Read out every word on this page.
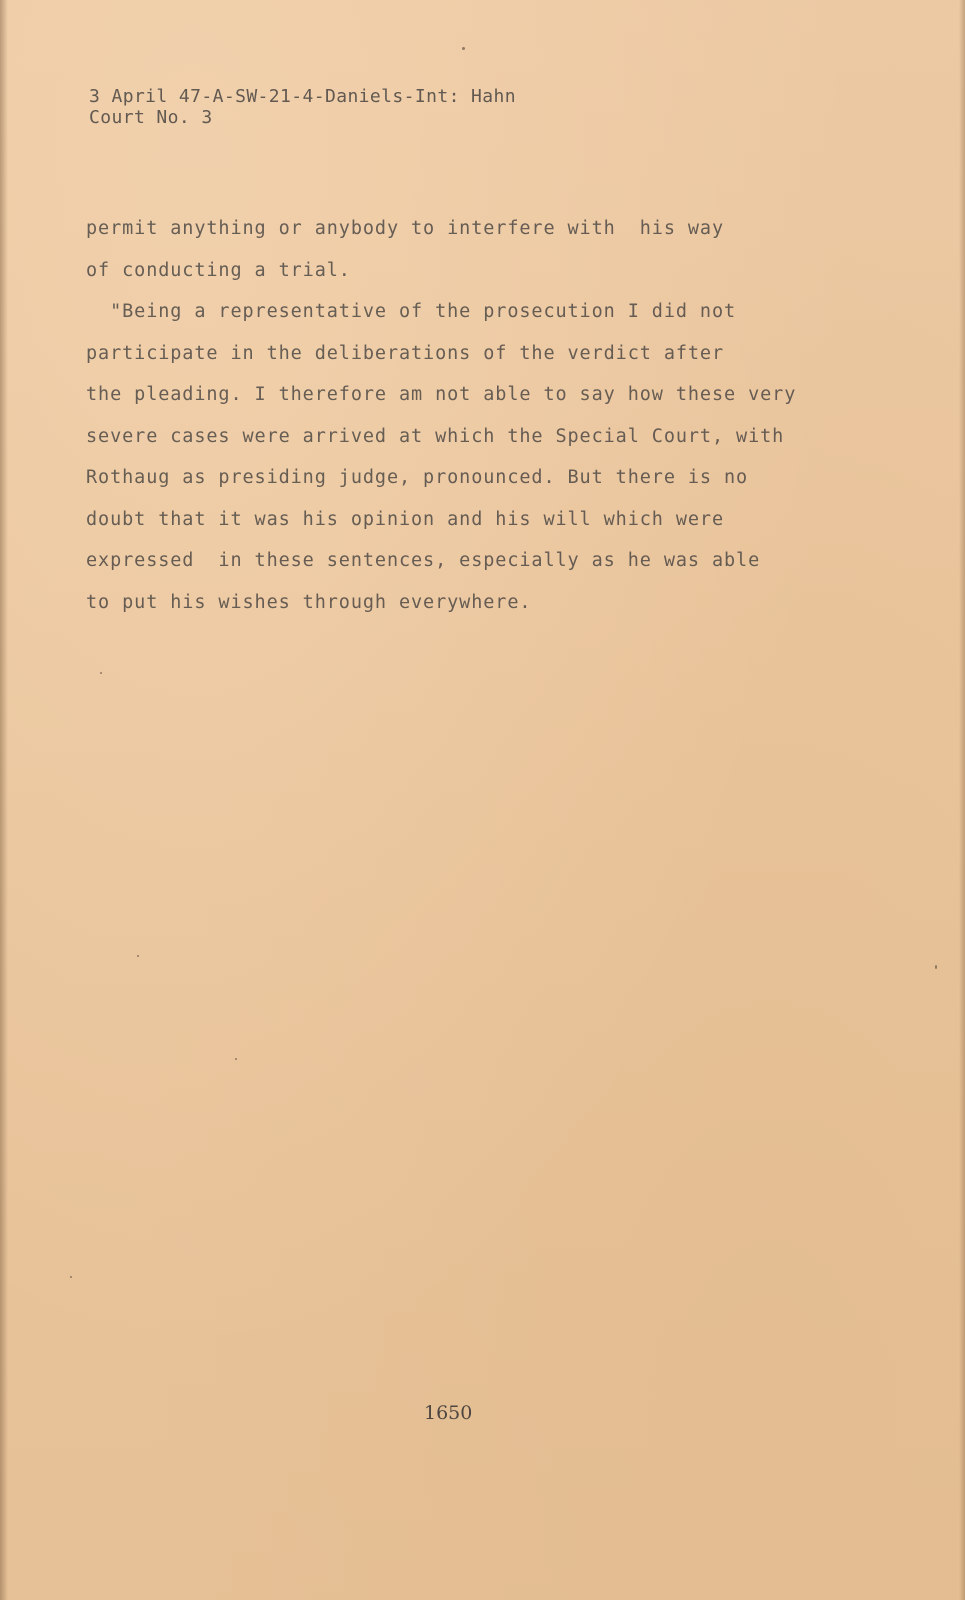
3 April 47-A-SW-21-4-Daniels-Int: Hahn
Court No. 3
permit anything or anybody to interfere with  his way
of conducting a trial.
"Being a representative of the prosecution I did not
participate in the deliberations of the verdict after
the pleading. I therefore am not able to say how these very
severe cases were arrived at which the Special Court, with
Rothaug as presiding judge, pronounced. But there is no
doubt that it was his opinion and his will which were
expressed  in these sentences, especially as he was able
to put his wishes through everywhere.
1650
